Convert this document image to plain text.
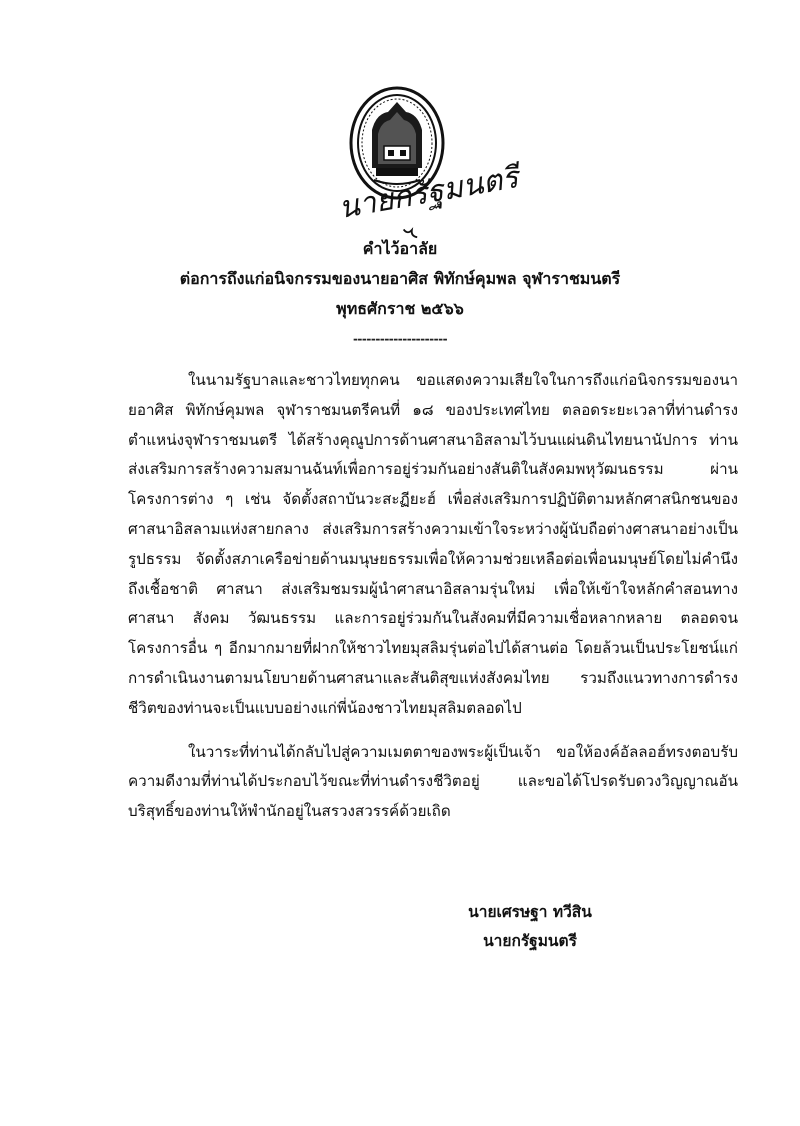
นายกรัฐมนตรี
คำไว้อาลัย
ต่อการถึงแก่อนิจกรรมของนายอาศิส พิทักษ์คุมพล จุฬาราชมนตรี
พุทธศักราช ๒๕๖๖
---------------------

ในนามรัฐบาลและชาวไทยทุกคน ขอแสดงความเสียใจในการถึงแก่อนิจกรรมของนายอาศิส พิทักษ์คุมพล จุฬาราชมนตรีคนที่ ๑๘ ของประเทศไทย ตลอดระยะเวลาที่ท่านดำรงตำแหน่งจุฬาราชมนตรี ได้สร้างคุณูปการด้านศาสนาอิสลามไว้บนแผ่นดินไทยนานัปการ ท่านส่งเสริมการสร้างความสมานฉันท์เพื่อการอยู่ร่วมกันอย่างสันติในสังคมพหุวัฒนธรรม ผ่านโครงการต่าง ๆ เช่น จัดตั้งสถาบันวะสะฏียะฮ์ เพื่อส่งเสริมการปฏิบัติตามหลักศาสนิกชนของศาสนาอิสลามแห่งสายกลาง ส่งเสริมการสร้างความเข้าใจระหว่างผู้นับถือต่างศาสนาอย่างเป็นรูปธรรม จัดตั้งสภาเครือข่ายด้านมนุษยธรรมเพื่อให้ความช่วยเหลือต่อเพื่อนมนุษย์โดยไม่คำนึงถึงเชื้อชาติ ศาสนา ส่งเสริมชมรมผู้นำศาสนาอิสลามรุ่นใหม่ เพื่อให้เข้าใจหลักคำสอนทางศาสนา สังคม วัฒนธรรม และการอยู่ร่วมกันในสังคมที่มีความเชื่อหลากหลาย ตลอดจนโครงการอื่น ๆ อีกมากมายที่ฝากให้ชาวไทยมุสลิมรุ่นต่อไปได้สานต่อ โดยล้วนเป็นประโยชน์แก่การดำเนินงานตามนโยบายด้านศาสนาและสันติสุขแห่งสังคมไทย รวมถึงแนวทางการดำรงชีวิตของท่านจะเป็นแบบอย่างแก่พี่น้องชาวไทยมุสลิมตลอดไป

ในวาระที่ท่านได้กลับไปสู่ความเมตตาของพระผู้เป็นเจ้า ขอให้องค์อัลลอฮ์ทรงตอบรับความดีงามที่ท่านได้ประกอบไว้ขณะที่ท่านดำรงชีวิตอยู่ และขอได้โปรดรับดวงวิญญาณอันบริสุทธิ์ของท่านให้พำนักอยู่ในสรวงสวรรค์ด้วยเถิด

นายเศรษฐา ทวีสิน
นายกรัฐมนตรี
